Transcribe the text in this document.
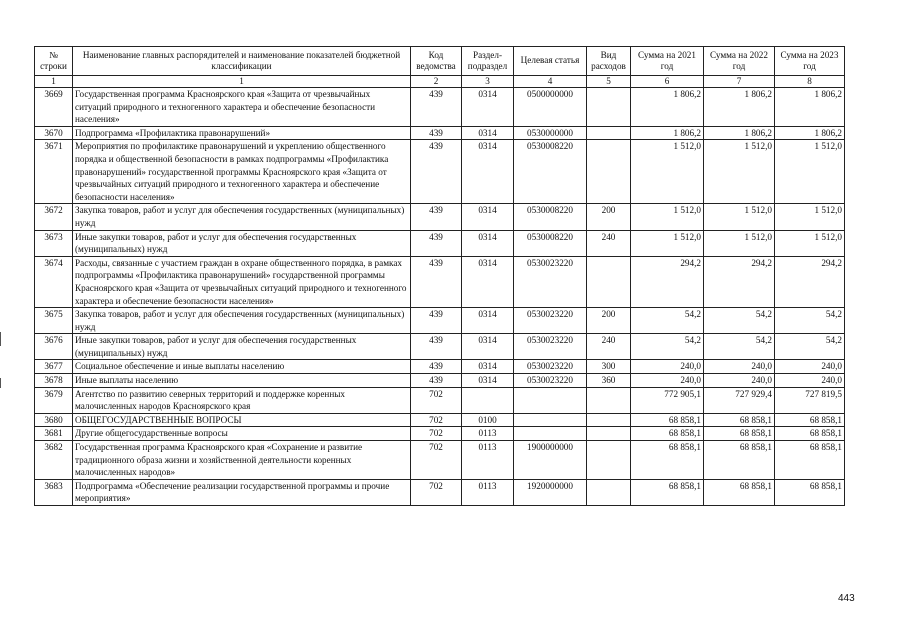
№ строки	Наименование главных распорядителей и наименование показателей бюджетной классификации	Код ведомства	Раздел-подраздел	Целевая статья	Вид расходов	Сумма на 2021 год	Сумма на 2022 год	Сумма на 2023 год
1	1	2	3	4	5	6	7	8
3669	Государственная программа Красноярского края «Защита от чрезвычайных ситуаций природного и техногенного характера и обеспечение безопасности населения»	439	0314	0500000000		1 806,2	1 806,2	1 806,2
3670	Подпрограмма «Профилактика правонарушений»	439	0314	0530000000		1 806,2	1 806,2	1 806,2
3671	Мероприятия по профилактике правонарушений и укреплению общественного порядка и общественной безопасности в рамках подпрограммы «Профилактика правонарушений» государственной программы Красноярского края «Защита от чрезвычайных ситуаций природного и техногенного характера и обеспечение безопасности населения»	439	0314	0530008220		1 512,0	1 512,0	1 512,0
3672	Закупка товаров, работ и услуг для обеспечения государственных (муниципальных) нужд	439	0314	0530008220	200	1 512,0	1 512,0	1 512,0
3673	Иные закупки товаров, работ и услуг для обеспечения государственных (муниципальных) нужд	439	0314	0530008220	240	1 512,0	1 512,0	1 512,0
3674	Расходы, связанные с участием граждан в охране общественного порядка, в рамках подпрограммы «Профилактика правонарушений» государственной программы Красноярского края «Защита от чрезвычайных ситуаций природного и техногенного характера и обеспечение безопасности населения»	439	0314	0530023220		294,2	294,2	294,2
3675	Закупка товаров, работ и услуг для обеспечения государственных (муниципальных) нужд	439	0314	0530023220	200	54,2	54,2	54,2
3676	Иные закупки товаров, работ и услуг для обеспечения государственных (муниципальных) нужд	439	0314	0530023220	240	54,2	54,2	54,2
3677	Социальное обеспечение и иные выплаты населению	439	0314	0530023220	300	240,0	240,0	240,0
3678	Иные выплаты населению	439	0314	0530023220	360	240,0	240,0	240,0
3679	Агентство по развитию северных территорий и поддержке коренных малочисленных народов Красноярского края	702				772 905,1	727 929,4	727 819,5
3680	ОБЩЕГОСУДАРСТВЕННЫЕ ВОПРОСЫ	702	0100			68 858,1	68 858,1	68 858,1
3681	Другие общегосударственные вопросы	702	0113			68 858,1	68 858,1	68 858,1
3682	Государственная программа Красноярского края «Сохранение и развитие традиционного образа жизни и хозяйственной деятельности коренных малочисленных народов»	702	0113	1900000000		68 858,1	68 858,1	68 858,1
3683	Подпрограмма «Обеспечение реализации государственной программы и прочие мероприятия»	702	0113	1920000000		68 858,1	68 858,1	68 858,1
443
